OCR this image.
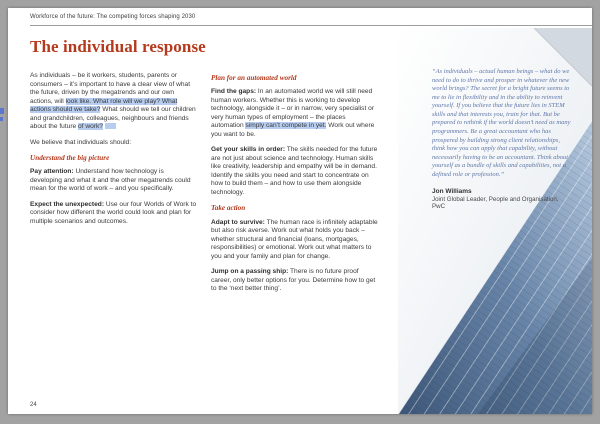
Workforce of the future: The competing forces shaping 2030
The individual response

As individuals – be it workers, students, parents or consumers – it’s important to have a clear view of what the future, driven by the megatrends and our own actions, will look like. What role will we play? What actions should we take? What should we tell our children and grandchildren, colleagues, neighbours and friends about the future of work?

We believe that individuals should:

Understand the big picture

Pay attention: Understand how technology is developing and what it and the other megatrends could mean for the world of work – and you specifically.

Expect the unexpected: Use our four Worlds of Work to consider how different the world could look and plan for multiple scenarios and outcomes.

Plan for an automated world

Find the gaps: In an automated world we will still need human workers. Whether this is working to develop technology, alongside it – or in narrow, very specialist or very human types of employment – the places automation simply can’t compete in yet. Work out where you want to be.

Get your skills in order: The skills needed for the future are not just about science and technology. Human skills like creativity, leadership and empathy will be in demand. Identify the skills you need and start to concentrate on how to build them – and how to use them alongside technology.

Take action

Adapt to survive: The human race is infinitely adaptable but also risk averse. Work out what holds you back – whether structural and financial (loans, mortgages, responsibilities) or emotional. Work out what matters to you and your family and plan for change.

Jump on a passing ship: There is no future proof career, only better options for you. Determine how to get to the ‘next better thing’.

“As individuals – actual human beings – what do we need to do to thrive and prosper in whatever the new world brings? The secret for a bright future seems to me to lie in flexibility and in the ability to reinvent yourself. If you believe that the future lies in STEM skills and that interests you, train for that. But be prepared to rethink if the world doesn’t need as many programmers. Be a great accountant who has prospered by building strong client relationships, think how you can apply that capability, without necessarily having to be an accountant. Think about yourself as a bundle of skills and capabilities, not a defined role or profession.”

Jon Williams

Joint Global Leader, People and Organisation, PwC

24
